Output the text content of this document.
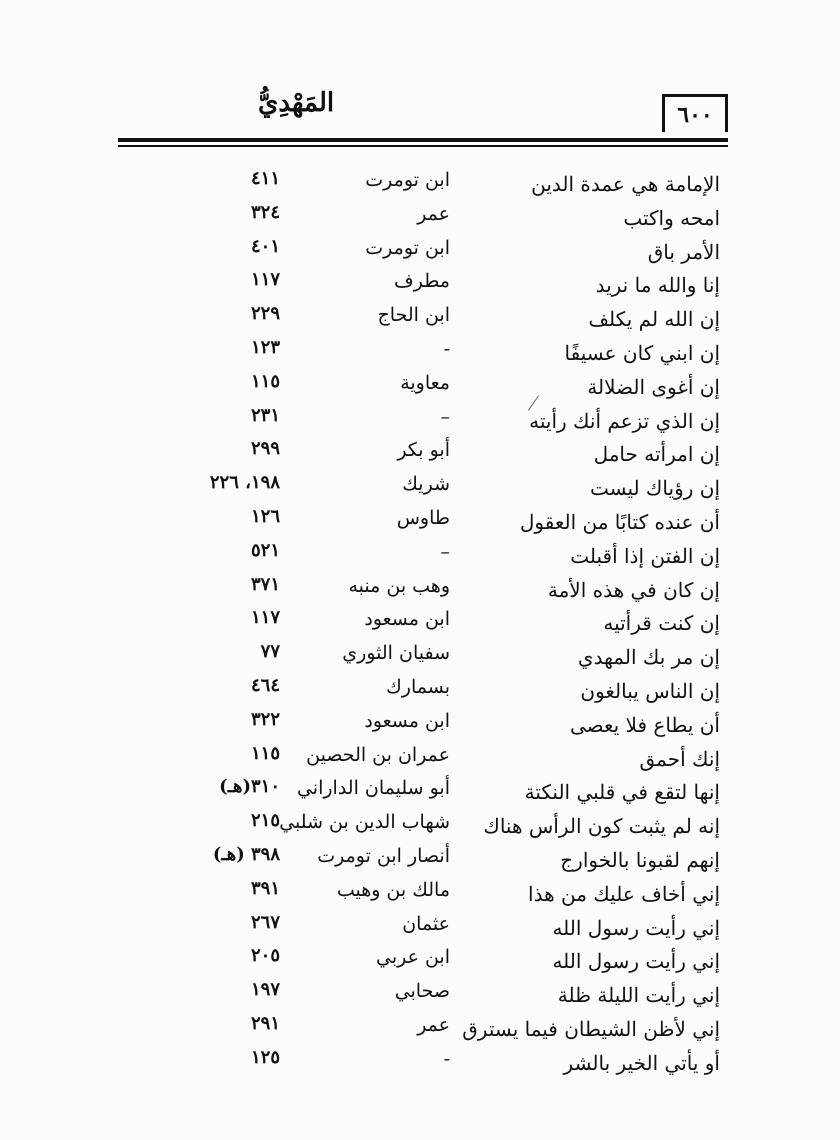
المَهْدِيُّ	٦٠٠
الإمامة هي عمدة الدين
ابن تومرت
٤١١
امحه واكتب
عمر
٣٢٤
الأمر باق
ابن تومرت
٤٠١
إنا والله ما نريد
مطرف
١١٧
إن الله لم يكلف
ابن الحاج
٢٢٩
إن ابني كان عسيفًا
-
١٢٣
إن أغوى الضلالة
معاوية
١١٥
إن الذي تزعم أنك رأيته
–
٢٣١
إن امرأته حامل
أبو بكر
٢٩٩
إن رؤياك ليست
شريك
١٩٨، ٢٢٦
أن عنده كتابًا من العقول
طاوس
١٢٦
إن الفتن إذا أقبلت
–
٥٢١
إن كان في هذه الأمة
وهب بن منبه
٣٧١
إن كنت قرأتيه
ابن مسعود
١١٧
إن مر بك المهدي
سفيان الثوري
٧٧
إن الناس يبالغون
بسمارك
٤٦٤
أن يطاع فلا يعصى
ابن مسعود
٣٢٢
إنك أحمق
عمران بن الحصين
١١٥
إنها لتقع في قلبي النكتة
أبو سليمان الداراني
٣١٠(هـ)
إنه لم يثبت كون الرأس هناك
شهاب الدين بن شلبي
٢١٥
إنهم لقبونا بالخوارج
أنصار ابن تومرت
٣٩٨ (هـ)
إني أخاف عليك من هذا
مالك بن وهيب
٣٩١
إني رأيت رسول الله
عثمان
٢٦٧
إني رأيت رسول الله
ابن عربي
٢٠٥
إني رأيت الليلة ظلة
صحابي
١٩٧
إني لأظن الشيطان فيما يسترق
عمر
٢٩١
أو يأتي الخير بالشر
-
١٢٥
